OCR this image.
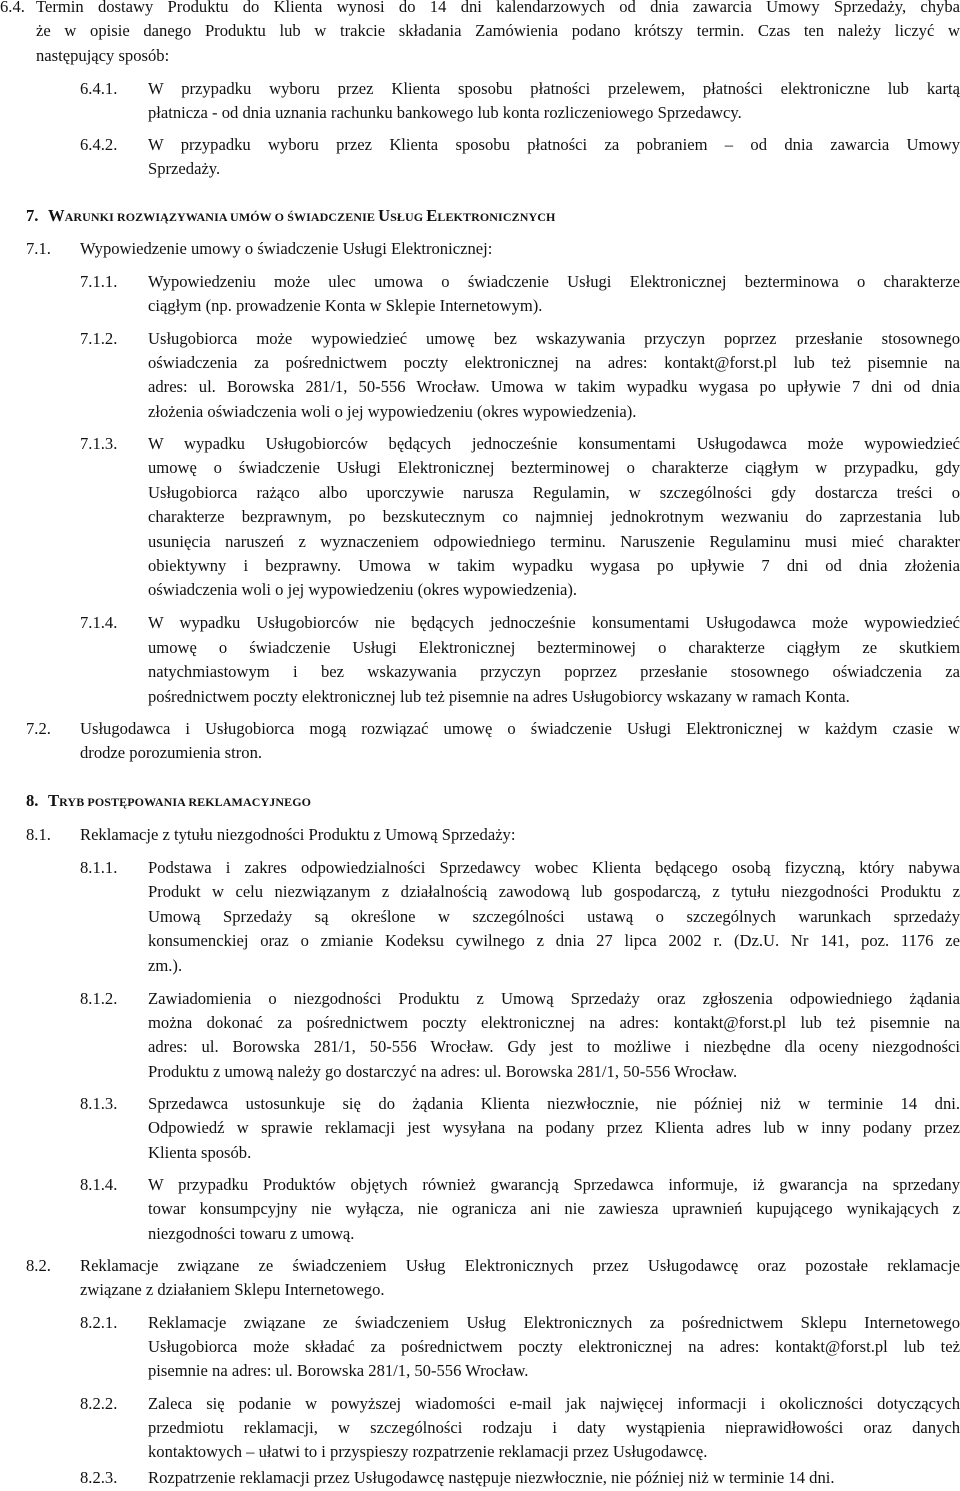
6.4. Termin dostawy Produktu do Klienta wynosi do 14 dni kalendarzowych od dnia zawarcia Umowy Sprzedaży, chyba
że w opisie danego Produktu lub w trakcie składania Zamówienia podano krótszy termin. Czas ten należy liczyć w
następujący sposób:
6.4.1. W przypadku wyboru przez Klienta sposobu płatności przelewem, płatności elektroniczne lub kartą
płatnicza - od dnia uznania rachunku bankowego lub konta rozliczeniowego Sprzedawcy.
6.4.2. W przypadku wyboru przez Klienta sposobu płatności za pobraniem – od dnia zawarcia Umowy
Sprzedaży.
7. WARUNKI ROZWIĄZYWANIA UMÓW O ŚWIADCZENIE USŁUG ELEKTRONICZNYCH
7.1. Wypowiedzenie umowy o świadczenie Usługi Elektronicznej:
7.1.1. Wypowiedzeniu może ulec umowa o świadczenie Usługi Elektronicznej bezterminowa o charakterze
ciągłym (np. prowadzenie Konta w Sklepie Internetowym).
7.1.2. Usługobiorca może wypowiedzieć umowę bez wskazywania przyczyn poprzez przesłanie stosownego
oświadczenia za pośrednictwem poczty elektronicznej na adres: kontakt@forst.pl lub też pisemnie na
adres: ul. Borowska 281/1, 50-556 Wrocław. Umowa w takim wypadku wygasa po upływie 7 dni od dnia
złożenia oświadczenia woli o jej wypowiedzeniu (okres wypowiedzenia).
7.1.3. W wypadku Usługobiorców będących jednocześnie konsumentami Usługodawca może wypowiedzieć
umowę o świadczenie Usługi Elektronicznej bezterminowej o charakterze ciągłym w przypadku, gdy
Usługobiorca rażąco albo uporczywie narusza Regulamin, w szczególności gdy dostarcza treści o
charakterze bezprawnym, po bezskutecznym co najmniej jednokrotnym wezwaniu do zaprzestania lub
usunięcia naruszeń z wyznaczeniem odpowiedniego terminu. Naruszenie Regulaminu musi mieć charakter
obiektywny i bezprawny. Umowa w takim wypadku wygasa po upływie 7 dni od dnia złożenia
oświadczenia woli o jej wypowiedzeniu (okres wypowiedzenia).
7.1.4. W wypadku Usługobiorców nie będących jednocześnie konsumentami Usługodawca może wypowiedzieć
umowę o świadczenie Usługi Elektronicznej bezterminowej o charakterze ciągłym ze skutkiem
natychmiastowym i bez wskazywania przyczyn poprzez przesłanie stosownego oświadczenia za
pośrednictwem poczty elektronicznej lub też pisemnie na adres Usługobiorcy wskazany w ramach Konta.
7.2. Usługodawca i Usługobiorca mogą rozwiązać umowę o świadczenie Usługi Elektronicznej w każdym czasie w
drodze porozumienia stron.
8. TRYB POSTĘPOWANIA REKLAMACYJNEGO
8.1. Reklamacje z tytułu niezgodności Produktu z Umową Sprzedaży:
8.1.1. Podstawa i zakres odpowiedzialności Sprzedawcy wobec Klienta będącego osobą fizyczną, który nabywa
Produkt w celu niezwiązanym z działalnością zawodową lub gospodarczą, z tytułu niezgodności Produktu z
Umową Sprzedaży są określone w szczególności ustawą o szczególnych warunkach sprzedaży
konsumenckiej oraz o zmianie Kodeksu cywilnego z dnia 27 lipca 2002 r. (Dz.U. Nr 141, poz. 1176 ze
zm.).
8.1.2. Zawiadomienia o niezgodności Produktu z Umową Sprzedaży oraz zgłoszenia odpowiedniego żądania
można dokonać za pośrednictwem poczty elektronicznej na adres: kontakt@forst.pl lub też pisemnie na
adres: ul. Borowska 281/1, 50-556 Wrocław. Gdy jest to możliwe i niezbędne dla oceny niezgodności
Produktu z umową należy go dostarczyć na adres: ul. Borowska 281/1, 50-556 Wrocław.
8.1.3. Sprzedawca ustosunkuje się do żądania Klienta niezwłocznie, nie później niż w terminie 14 dni.
Odpowiedź w sprawie reklamacji jest wysyłana na podany przez Klienta adres lub w inny podany przez
Klienta sposób.
8.1.4. W przypadku Produktów objętych również gwarancją Sprzedawca informuje, iż gwarancja na sprzedany
towar konsumpcyjny nie wyłącza, nie ogranicza ani nie zawiesza uprawnień kupującego wynikających z
niezgodności towaru z umową.
8.2. Reklamacje związane ze świadczeniem Usług Elektronicznych przez Usługodawcę oraz pozostałe reklamacje
związane z działaniem Sklepu Internetowego.
8.2.1. Reklamacje związane ze świadczeniem Usług Elektronicznych za pośrednictwem Sklepu Internetowego
Usługobiorca może składać za pośrednictwem poczty elektronicznej na adres: kontakt@forst.pl lub też
pisemnie na adres: ul. Borowska 281/1, 50-556 Wrocław.
8.2.2. Zaleca się podanie w powyższej wiadomości e-mail jak najwięcej informacji i okoliczności dotyczących
przedmiotu reklamacji, w szczególności rodzaju i daty wystąpienia nieprawidłowości oraz danych
kontaktowych – ułatwi to i przyspieszy rozpatrzenie reklamacji przez Usługodawcę.
8.2.3. Rozpatrzenie reklamacji przez Usługodawcę następuje niezwłocznie, nie później niż w terminie 14 dni.
